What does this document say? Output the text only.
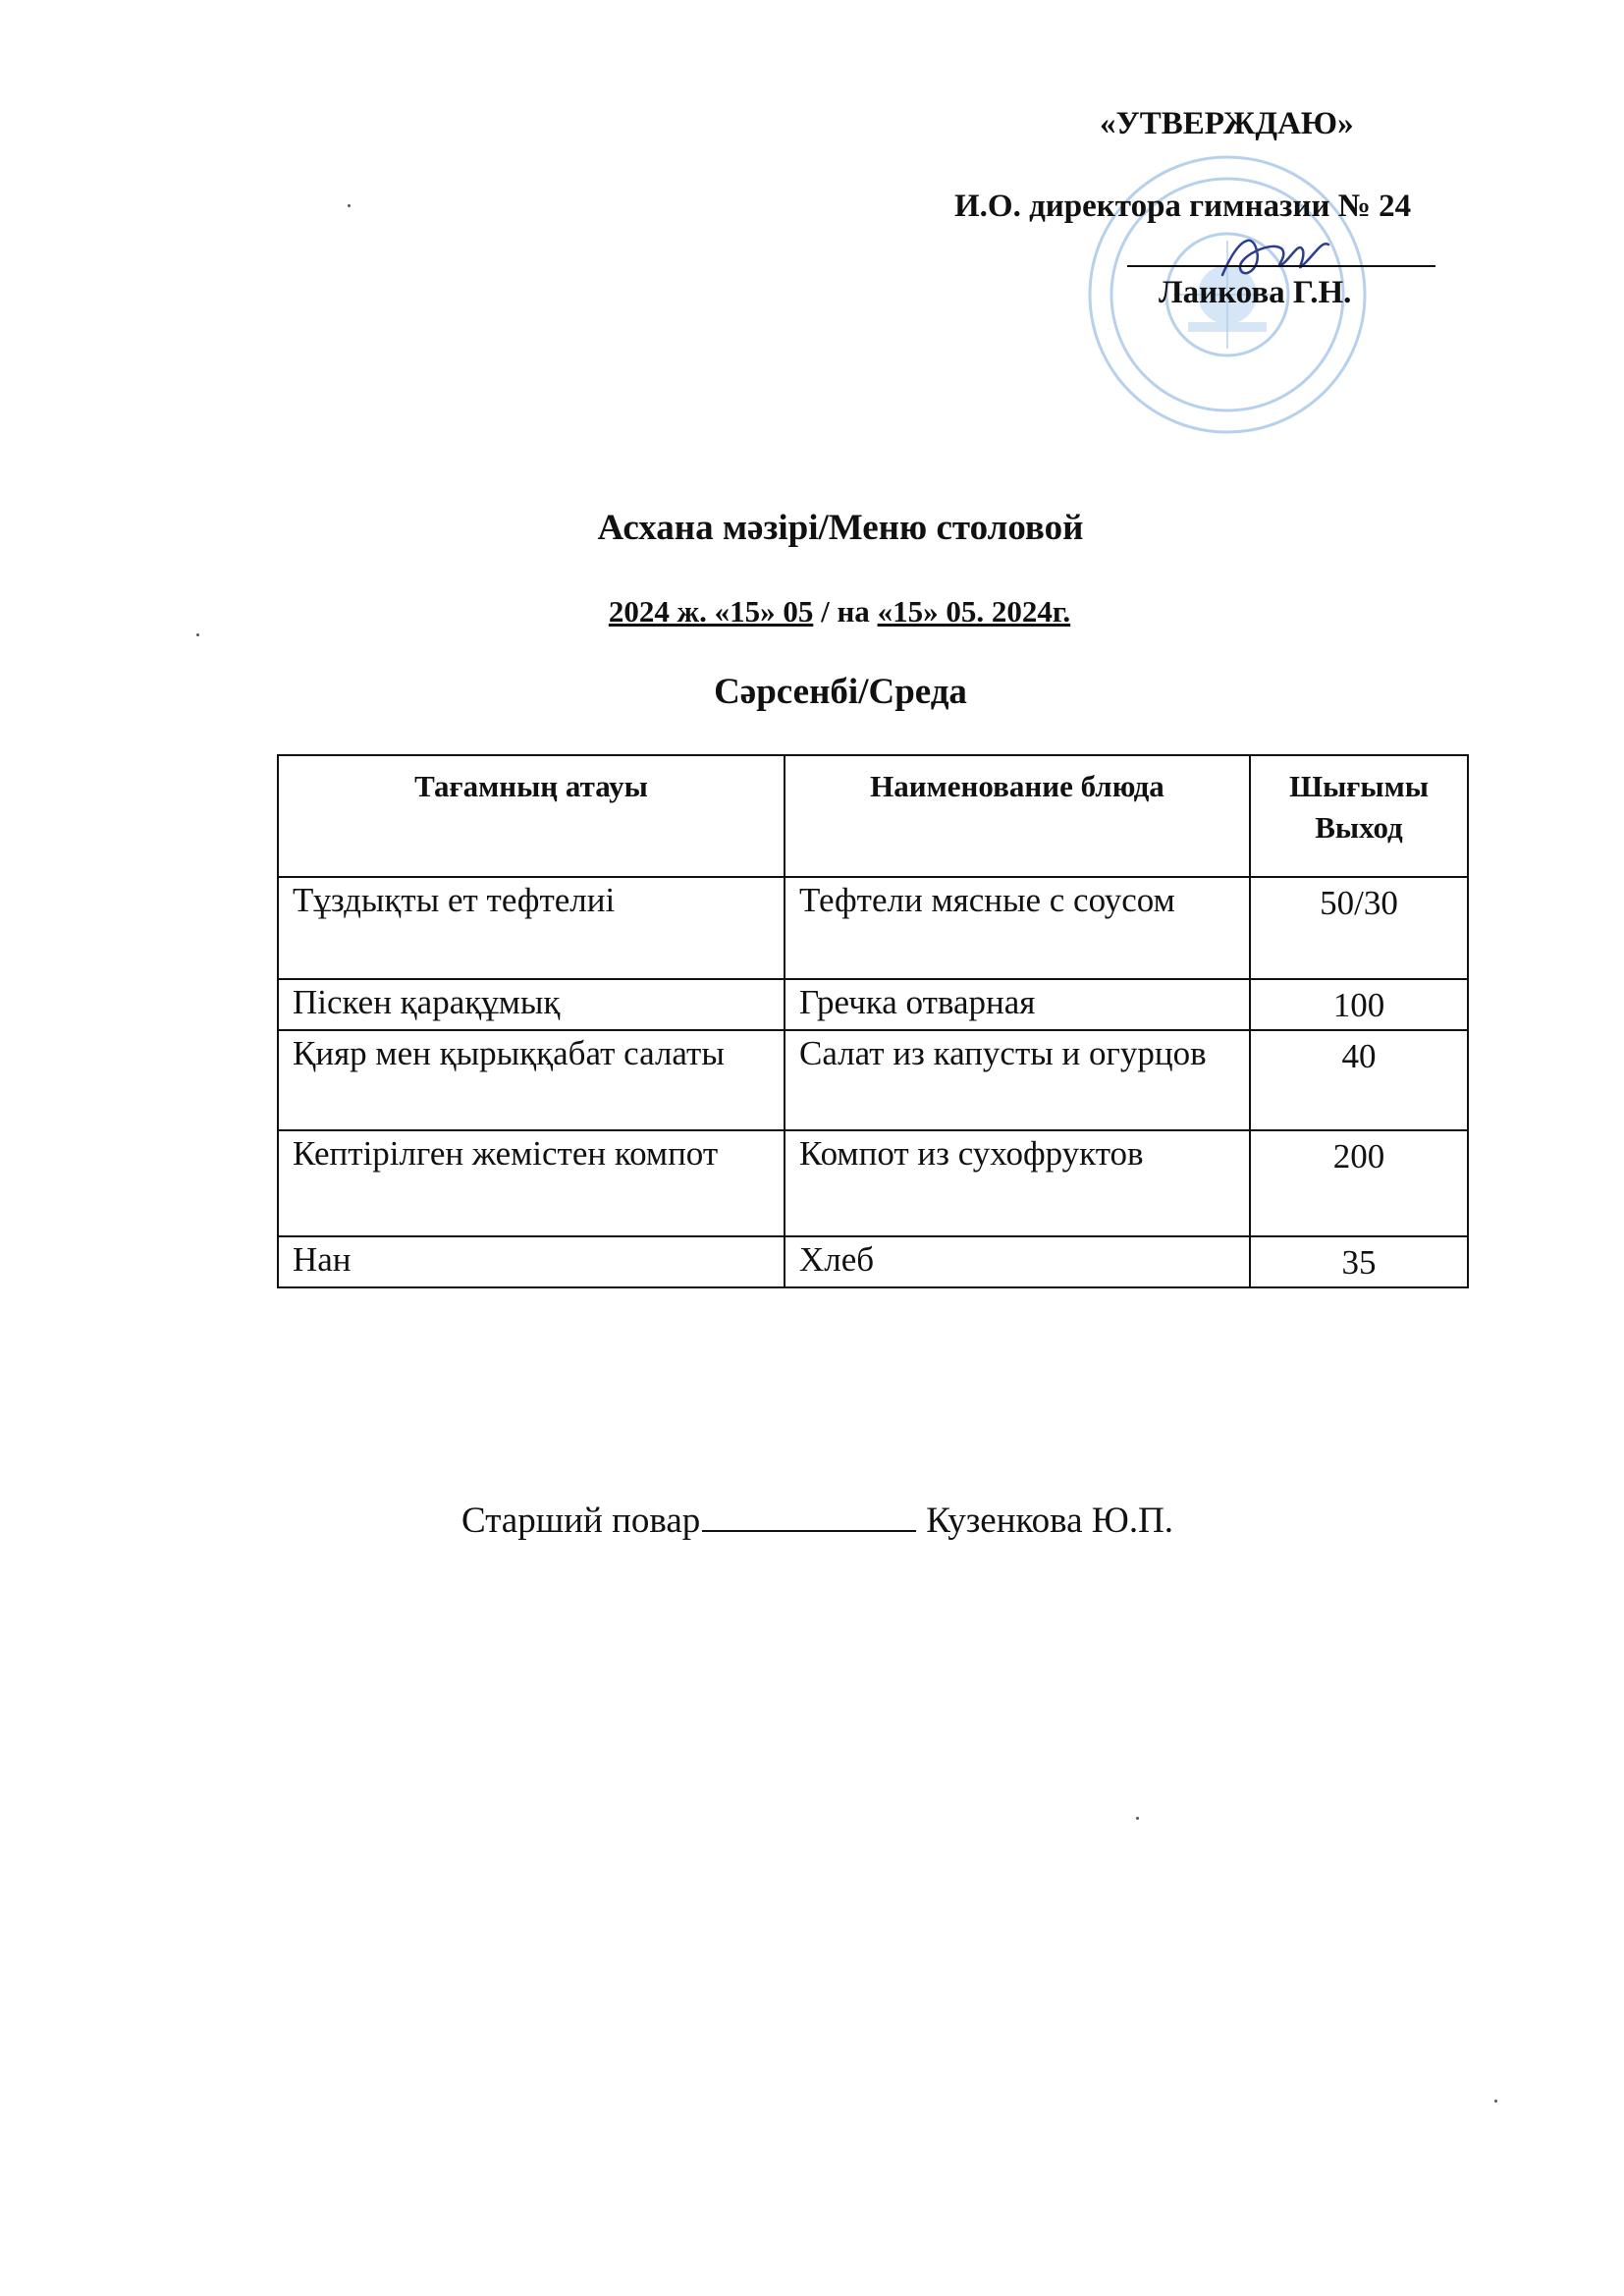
«УТВЕРЖДАЮ»
И.О. директора гимназии № 24
Лаикова Г.Н.
Асхана мәзірі/Меню столовой
2024 ж. «15» 05 / на «15» 05. 2024г.
Сәрсенбі/Среда
Тағамның атауы	Наименование блюда	Шығымы
Выход
Тұздықты ет тефтелиі	Тефтели мясные с соусом	50/30
Піскен қарақұмық	Гречка отварная	100
Қияр мен қырыққабат салаты	Салат из капусты и огурцов	40
Кептірілген жемістен компот	Компот из сухофруктов	200
Нан	Хлеб	35
Старший повар	Кузенкова Ю.П.
